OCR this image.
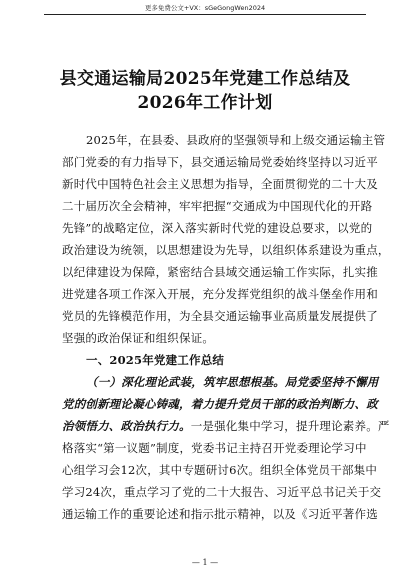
更多免费公文+VX：sGeGongWen2024
县交通运输局2025年党建工作总结及
2026年工作计划
2025年，在县委、县政府的坚强领导和上级交通运输主管
部门党委的有力指导下，县交通运输局党委始终坚持以习近平
新时代中国特色社会主义思想为指导，全面贯彻党的二十大及
二十届历次全会精神，牢牢把握“交通成为中国现代化的开路
先锋”的战略定位，深入落实新时代党的建设总要求，以党的
政治建设为统领，以思想建设为先导，以组织体系建设为重点，
以纪律建设为保障，紧密结合县域交通运输工作实际，扎实推
进党建各项工作深入开展，充分发挥党组织的战斗堡垒作用和
党员的先锋模范作用，为全县交通运输事业高质量发展提供了
坚强的政治保证和组织保证。
一、2025年党建工作总结
（一）深化理论武装，筑牢思想根基。局党委坚持不懈用
党的创新理论凝心铸魂，着力提升党员干部的政治判断力、政
治领悟力、政治执行力。一是强化集中学习，提升理论素养。严
格落实“第一议题”制度，党委书记主持召开党委理论学习中
心组学习会12次，其中专题研讨6次。组织全体党员干部集中
学习24次，重点学习了党的二十大报告、习近平总书记关于交
通运输工作的重要论述和指示批示精神，以及《习近平著作选
— 1 —
